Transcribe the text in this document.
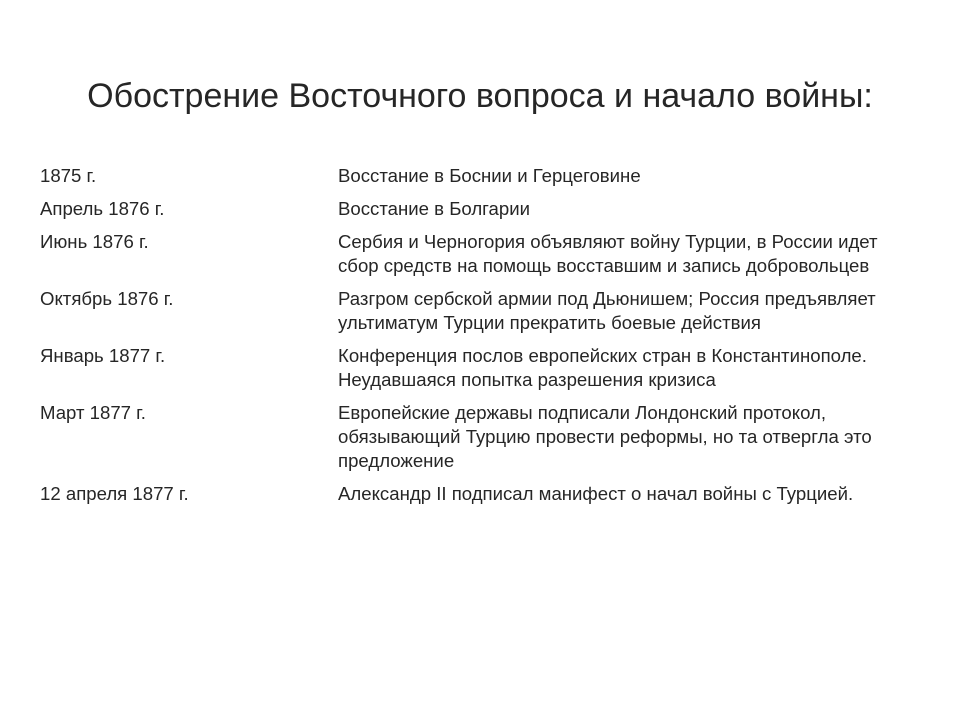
Обострение Восточного вопроса и начало войны:
1875 г.	Восстание в Боснии и Герцеговине
Апрель 1876 г.	Восстание в Болгарии
Июнь 1876 г.	Сербия и Черногория объявляют войну Турции, в России идет сбор средств на помощь восставшим и запись добровольцев
Октябрь 1876 г.	Разгром сербской армии под Дьюнишем; Россия предъявляет ультиматум Турции прекратить боевые действия
Январь 1877 г.	Конференция послов европейских стран в Константинополе. Неудавшаяся попытка разрешения кризиса
Март 1877 г.	Европейские державы подписали Лондонский протокол, обязывающий Турцию провести реформы, но та отвергла это предложение
12 апреля 1877 г.	Александр II подписал манифест о начал войны с Турцией.
